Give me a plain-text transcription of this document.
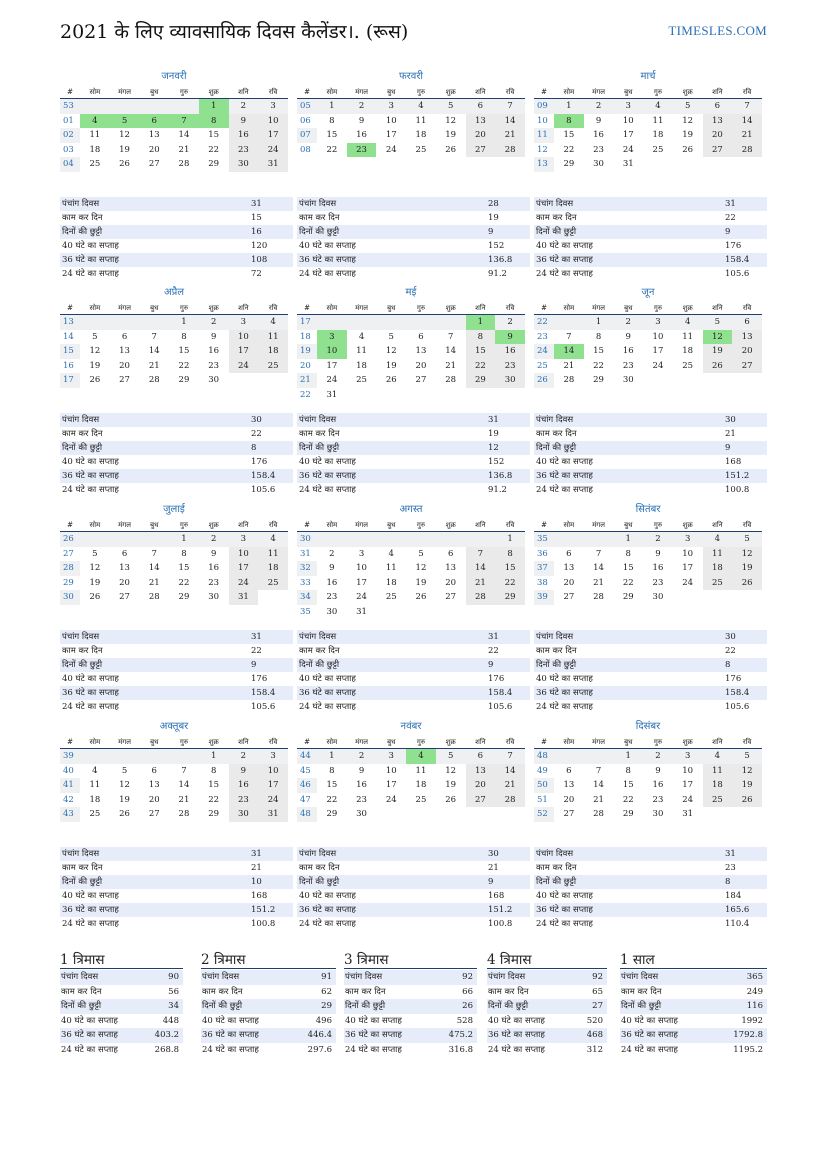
2021 के लिए व्यावसायिक दिवस कैलेंडर।. (रूस)	TIMESLES.COM
जनवरी
#	सोम	मंगल	बुध	गुरु	शुक्र	शनि	रवि
53					1	2	3
01	4	5	6	7	8	9	10
02	11	12	13	14	15	16	17
03	18	19	20	21	22	23	24
04	25	26	27	28	29	30	31
पंचांग दिवस	31
काम कर दिन	15
दिनों की छुट्टी	16
40 घंटे का सप्ताह	120
36 घंटे का सप्ताह	108
24 घंटे का सप्ताह	72
फरवरी
#	सोम	मंगल	बुध	गुरु	शुक्र	शनि	रवि
05	1	2	3	4	5	6	7
06	8	9	10	11	12	13	14
07	15	16	17	18	19	20	21
08	22	23	24	25	26	27	28
पंचांग दिवस	28
काम कर दिन	19
दिनों की छुट्टी	9
40 घंटे का सप्ताह	152
36 घंटे का सप्ताह	136.8
24 घंटे का सप्ताह	91.2
मार्च
#	सोम	मंगल	बुध	गुरु	शुक्र	शनि	रवि
09	1	2	3	4	5	6	7
10	8	9	10	11	12	13	14
11	15	16	17	18	19	20	21
12	22	23	24	25	26	27	28
13	29	30	31				
पंचांग दिवस	31
काम कर दिन	22
दिनों की छुट्टी	9
40 घंटे का सप्ताह	176
36 घंटे का सप्ताह	158.4
24 घंटे का सप्ताह	105.6
अप्रैल
#	सोम	मंगल	बुध	गुरु	शुक्र	शनि	रवि
13				1	2	3	4
14	5	6	7	8	9	10	11
15	12	13	14	15	16	17	18
16	19	20	21	22	23	24	25
17	26	27	28	29	30		
पंचांग दिवस	30
काम कर दिन	22
दिनों की छुट्टी	8
40 घंटे का सप्ताह	176
36 घंटे का सप्ताह	158.4
24 घंटे का सप्ताह	105.6
मई
#	सोम	मंगल	बुध	गुरु	शुक्र	शनि	रवि
17						1	2
18	3	4	5	6	7	8	9
19	10	11	12	13	14	15	16
20	17	18	19	20	21	22	23
21	24	25	26	27	28	29	30
22	31						
पंचांग दिवस	31
काम कर दिन	19
दिनों की छुट्टी	12
40 घंटे का सप्ताह	152
36 घंटे का सप्ताह	136.8
24 घंटे का सप्ताह	91.2
जून
#	सोम	मंगल	बुध	गुरु	शुक्र	शनि	रवि
22		1	2	3	4	5	6
23	7	8	9	10	11	12	13
24	14	15	16	17	18	19	20
25	21	22	23	24	25	26	27
26	28	29	30				
पंचांग दिवस	30
काम कर दिन	21
दिनों की छुट्टी	9
40 घंटे का सप्ताह	168
36 घंटे का सप्ताह	151.2
24 घंटे का सप्ताह	100.8
जुलाई
#	सोम	मंगल	बुध	गुरु	शुक्र	शनि	रवि
26				1	2	3	4
27	5	6	7	8	9	10	11
28	12	13	14	15	16	17	18
29	19	20	21	22	23	24	25
30	26	27	28	29	30	31	
पंचांग दिवस	31
काम कर दिन	22
दिनों की छुट्टी	9
40 घंटे का सप्ताह	176
36 घंटे का सप्ताह	158.4
24 घंटे का सप्ताह	105.6
अगस्त
#	सोम	मंगल	बुध	गुरु	शुक्र	शनि	रवि
30							1
31	2	3	4	5	6	7	8
32	9	10	11	12	13	14	15
33	16	17	18	19	20	21	22
34	23	24	25	26	27	28	29
35	30	31					
पंचांग दिवस	31
काम कर दिन	22
दिनों की छुट्टी	9
40 घंटे का सप्ताह	176
36 घंटे का सप्ताह	158.4
24 घंटे का सप्ताह	105.6
सितंबर
#	सोम	मंगल	बुध	गुरु	शुक्र	शनि	रवि
35			1	2	3	4	5
36	6	7	8	9	10	11	12
37	13	14	15	16	17	18	19
38	20	21	22	23	24	25	26
39	27	28	29	30			
पंचांग दिवस	30
काम कर दिन	22
दिनों की छुट्टी	8
40 घंटे का सप्ताह	176
36 घंटे का सप्ताह	158.4
24 घंटे का सप्ताह	105.6
अक्तूबर
#	सोम	मंगल	बुध	गुरु	शुक्र	शनि	रवि
39					1	2	3
40	4	5	6	7	8	9	10
41	11	12	13	14	15	16	17
42	18	19	20	21	22	23	24
43	25	26	27	28	29	30	31
पंचांग दिवस	31
काम कर दिन	21
दिनों की छुट्टी	10
40 घंटे का सप्ताह	168
36 घंटे का सप्ताह	151.2
24 घंटे का सप्ताह	100.8
नवंबर
#	सोम	मंगल	बुध	गुरु	शुक्र	शनि	रवि
44	1	2	3	4	5	6	7
45	8	9	10	11	12	13	14
46	15	16	17	18	19	20	21
47	22	23	24	25	26	27	28
48	29	30					
पंचांग दिवस	30
काम कर दिन	21
दिनों की छुट्टी	9
40 घंटे का सप्ताह	168
36 घंटे का सप्ताह	151.2
24 घंटे का सप्ताह	100.8
दिसंबर
#	सोम	मंगल	बुध	गुरु	शुक्र	शनि	रवि
48			1	2	3	4	5
49	6	7	8	9	10	11	12
50	13	14	15	16	17	18	19
51	20	21	22	23	24	25	26
52	27	28	29	30	31		
पंचांग दिवस	31
काम कर दिन	23
दिनों की छुट्टी	8
40 घंटे का सप्ताह	184
36 घंटे का सप्ताह	165.6
24 घंटे का सप्ताह	110.4
1 त्रिमास
पंचांग दिवस	90
काम कर दिन	56
दिनों की छुट्टी	34
40 घंटे का सप्ताह	448
36 घंटे का सप्ताह	403.2
24 घंटे का सप्ताह	268.8
2 त्रिमास
पंचांग दिवस	91
काम कर दिन	62
दिनों की छुट्टी	29
40 घंटे का सप्ताह	496
36 घंटे का सप्ताह	446.4
24 घंटे का सप्ताह	297.6
3 त्रिमास
पंचांग दिवस	92
काम कर दिन	66
दिनों की छुट्टी	26
40 घंटे का सप्ताह	528
36 घंटे का सप्ताह	475.2
24 घंटे का सप्ताह	316.8
4 त्रिमास
पंचांग दिवस	92
काम कर दिन	65
दिनों की छुट्टी	27
40 घंटे का सप्ताह	520
36 घंटे का सप्ताह	468
24 घंटे का सप्ताह	312
1 साल
पंचांग दिवस	365
काम कर दिन	249
दिनों की छुट्टी	116
40 घंटे का सप्ताह	1992
36 घंटे का सप्ताह	1792.8
24 घंटे का सप्ताह	1195.2
